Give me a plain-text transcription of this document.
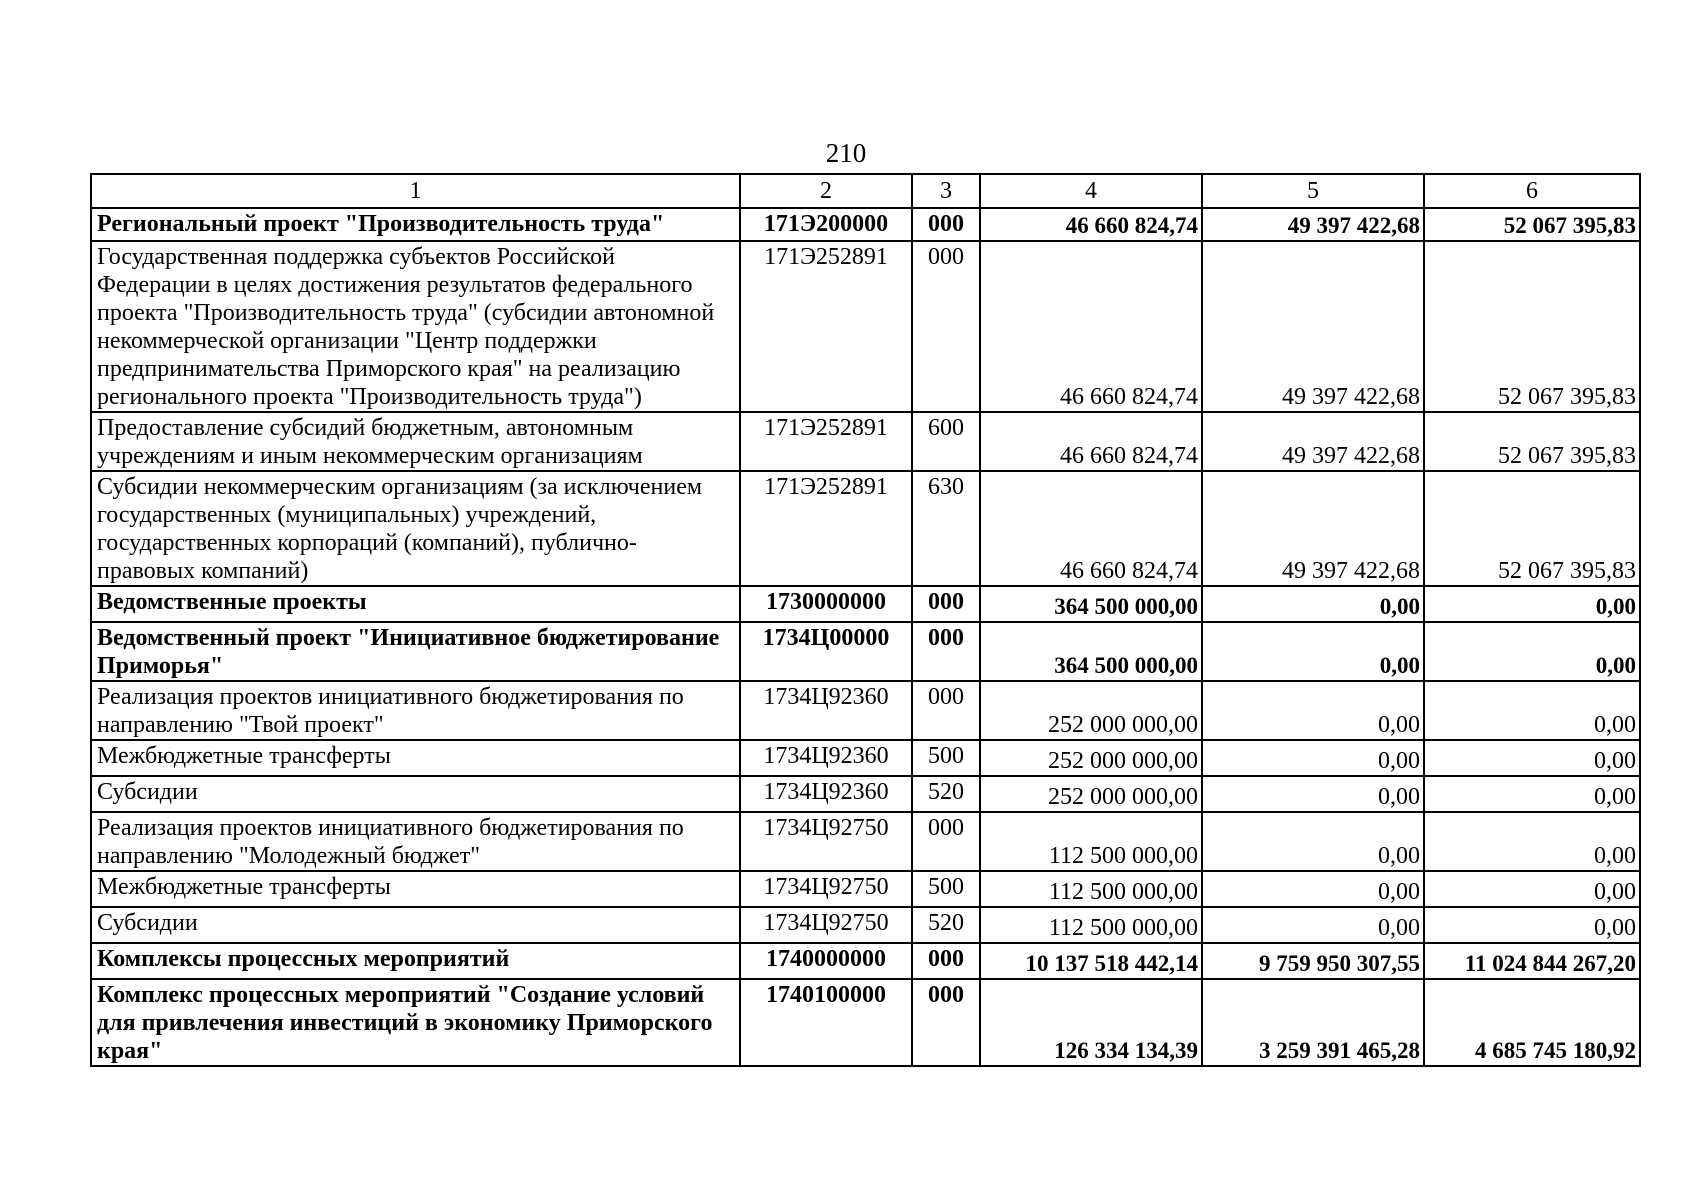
210
1	2	3	4	5	6
Региональный проект "Производительность труда"	171Э200000	000	46 660 824,74	49 397 422,68	52 067 395,83
Государственная поддержка субъектов Российской Федерации в целях достижения результатов федерального проекта "Производительность труда" (субсидии автономной некоммерческой организации "Центр поддержки предпринимательства Приморского края" на реализацию регионального проекта "Производительность труда")	171Э252891	000	46 660 824,74	49 397 422,68	52 067 395,83
Предоставление субсидий бюджетным, автономным учреждениям и иным некоммерческим организациям	171Э252891	600	46 660 824,74	49 397 422,68	52 067 395,83
Субсидии некоммерческим организациям (за исключением государственных (муниципальных) учреждений, государственных корпораций (компаний), публично-правовых компаний)	171Э252891	630	46 660 824,74	49 397 422,68	52 067 395,83
Ведомственные проекты	1730000000	000	364 500 000,00	0,00	0,00
Ведомственный проект "Инициативное бюджетирование Приморья"	1734Ц00000	000	364 500 000,00	0,00	0,00
Реализация проектов инициативного бюджетирования по направлению "Твой проект"	1734Ц92360	000	252 000 000,00	0,00	0,00
Межбюджетные трансферты	1734Ц92360	500	252 000 000,00	0,00	0,00
Субсидии	1734Ц92360	520	252 000 000,00	0,00	0,00
Реализация проектов инициативного бюджетирования по направлению "Молодежный бюджет"	1734Ц92750	000	112 500 000,00	0,00	0,00
Межбюджетные трансферты	1734Ц92750	500	112 500 000,00	0,00	0,00
Субсидии	1734Ц92750	520	112 500 000,00	0,00	0,00
Комплексы процессных мероприятий	1740000000	000	10 137 518 442,14	9 759 950 307,55	11 024 844 267,20
Комплекс процессных мероприятий "Создание условий для привлечения инвестиций в экономику Приморского края"	1740100000	000	126 334 134,39	3 259 391 465,28	4 685 745 180,92
